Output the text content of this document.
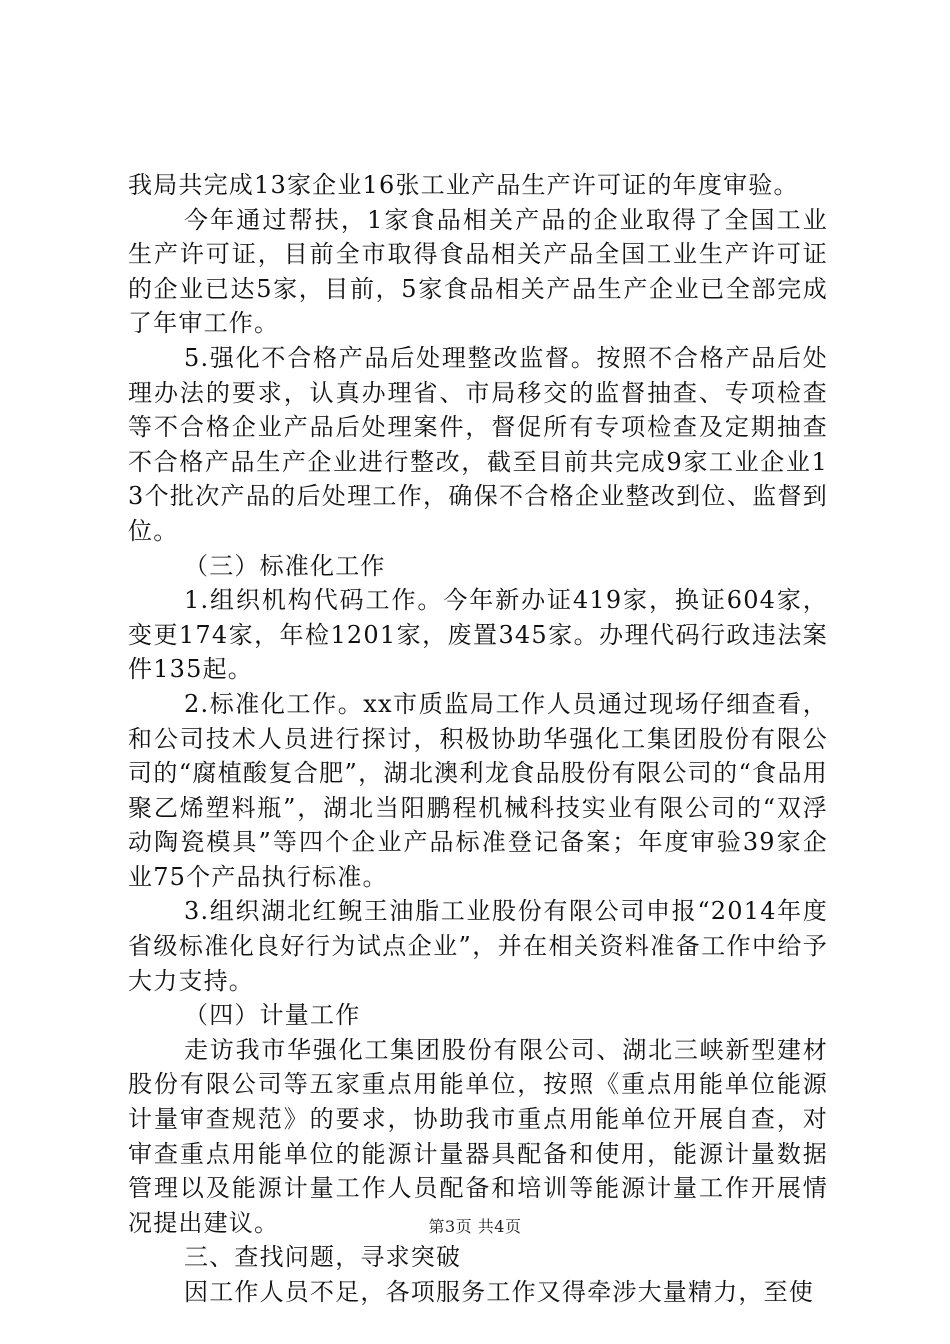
我局共完成13家企业16张工业产品生产许可证的年度审验。

今年通过帮扶，1家食品相关产品的企业取得了全国工业生产许可证，目前全市取得食品相关产品全国工业生产许可证的企业已达5家，目前，5家食品相关产品生产企业已全部完成了年审工作。

5.强化不合格产品后处理整改监督。按照不合格产品后处理办法的要求，认真办理省、市局移交的监督抽查、专项检查等不合格企业产品后处理案件，督促所有专项检查及定期抽查不合格产品生产企业进行整改，截至目前共完成9家工业企业13个批次产品的后处理工作，确保不合格企业整改到位、监督到位。

（三）标准化工作

1.组织机构代码工作。今年新办证419家，换证604家，变更174家，年检1201家，废置345家。办理代码行政违法案件135起。

2.标准化工作。xx市质监局工作人员通过现场仔细查看，和公司技术人员进行探讨，积极协助华强化工集团股份有限公司的“腐植酸复合肥”，湖北澳利龙食品股份有限公司的“食品用聚乙烯塑料瓶”，湖北当阳鹏程机械科技实业有限公司的“双浮动陶瓷模具”等四个企业产品标准登记备案；年度审验39家企业75个产品执行标准。

3.组织湖北红鲵王油脂工业股份有限公司申报“2014年度省级标准化良好行为试点企业”，并在相关资料准备工作中给予大力支持。

（四）计量工作

走访我市华强化工集团股份有限公司、湖北三峡新型建材股份有限公司等五家重点用能单位，按照《重点用能单位能源计量审查规范》的要求，协助我市重点用能单位开展自查，对审查重点用能单位的能源计量器具配备和使用，能源计量数据管理以及能源计量工作人员配备和培训等能源计量工作开展情况提出建议。

三、查找问题，寻求突破

因工作人员不足，各项服务工作又得牵涉大量精力，至使

第3页 共4页
